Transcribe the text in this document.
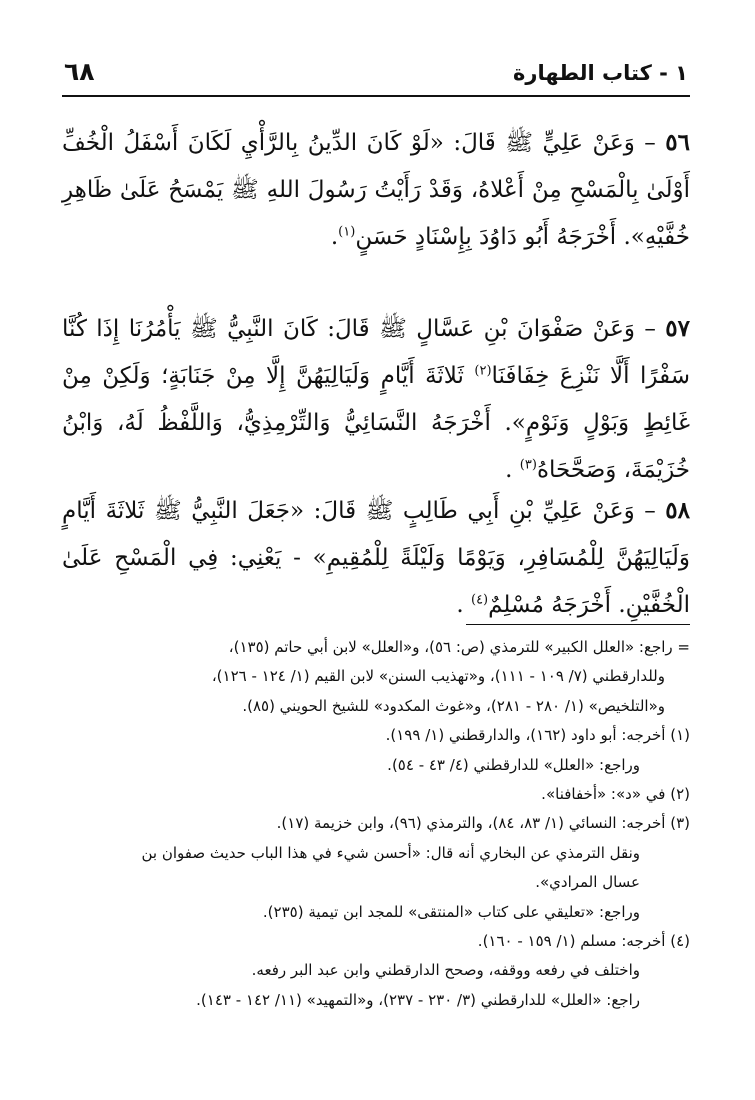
١ - كتاب الطهارة
٦٨

٥٦ – وَعَنْ عَلِيٍّ ﷺ قَالَ: «لَوْ كَانَ الدِّينُ بِالرَّأْيِ لَكَانَ أَسْفَلُ الْخُفِّ أَوْلَىٰ بِالْمَسْحِ مِنْ أَعْلاهُ، وَقَدْ رَأَيْتُ رَسُولَ اللهِ ﷺ يَمْسَحُ عَلَىٰ ظَاهِرِ خُفَّيْهِ». أَخْرَجَهُ أَبُو دَاوُدَ بِإِسْنَادٍ حَسَنٍ$^{(١)}$.

٥٧ – وَعَنْ صَفْوَانَ بْنِ عَسَّالٍ ﷺ قَالَ: كَانَ النَّبِيُّ ﷺ يَأْمُرُنَا إِذَا كُنَّا سَفْرًا أَلَّا نَنْزِعَ خِفَافَنَا$^{(٢)}$ ثَلاثَةَ أَيَّامٍ وَلَيَالِيَهُنَّ إِلَّا مِنْ جَنَابَةٍ؛ وَلَكِنْ مِنْ غَائِطٍ وَبَوْلٍ وَنَوْمٍ». أَخْرَجَهُ النَّسَائِيُّ وَالتِّرْمِذِيُّ، وَاللَّفْظُ لَهُ، وَابْنُ خُزَيْمَةَ، وَصَحَّحَاهُ$^{(٣)}$ .

٥٨ – وَعَنْ عَلِيِّ بْنِ أَبِي طَالِبٍ ﷺ قَالَ: «جَعَلَ النَّبِيُّ ﷺ ثَلاثَةَ أَيَّامٍ وَلَيَالِيَهُنَّ لِلْمُسَافِرِ، وَيَوْمًا وَلَيْلَةً لِلْمُقِيمِ» - يَعْنِي: فِي الْمَسْحِ عَلَىٰ الْخُفَّيْنِ. أَخْرَجَهُ مُسْلِمٌ$^{(٤)}$ .

= راجع: «العلل الكبير» للترمذي (ص: ٥٦)، و«العلل» لابن أبي حاتم (١٣٥)،

وللدارقطني (٧/ ١٠٩ - ١١١)، و«تهذيب السنن» لابن القيم (١/ ١٢٤ - ١٢٦)،

و«التلخيص» (١/ ٢٨٠ - ٢٨١)، و«غوث المكدود» للشيخ الحويني (٨٥).

(١) أخرجه: أبو داود (١٦٢)، والدارقطني (١/ ١٩٩).

وراجع: «العلل» للدارقطني (٤/ ٤٣ - ٥٤).

(٢) في «د»: «أخفافنا».

(٣) أخرجه: النسائي (١/ ٨٣، ٨٤)، والترمذي (٩٦)، وابن خزيمة (١٧).

ونقل الترمذي عن البخاري أنه قال: «أحسن شيء في هذا الباب حديث صفوان بن

عسال المرادي».

وراجع: «تعليقي على كتاب «المنتقى» للمجد ابن تيمية (٢٣٥).

(٤) أخرجه: مسلم (١/ ١٥٩ - ١٦٠).

واختلف في رفعه ووقفه، وصحح الدارقطني وابن عبد البر رفعه.

راجع: «العلل» للدارقطني (٣/ ٢٣٠ - ٢٣٧)، و«التمهيد» (١١/ ١٤٢ - ١٤٣).
